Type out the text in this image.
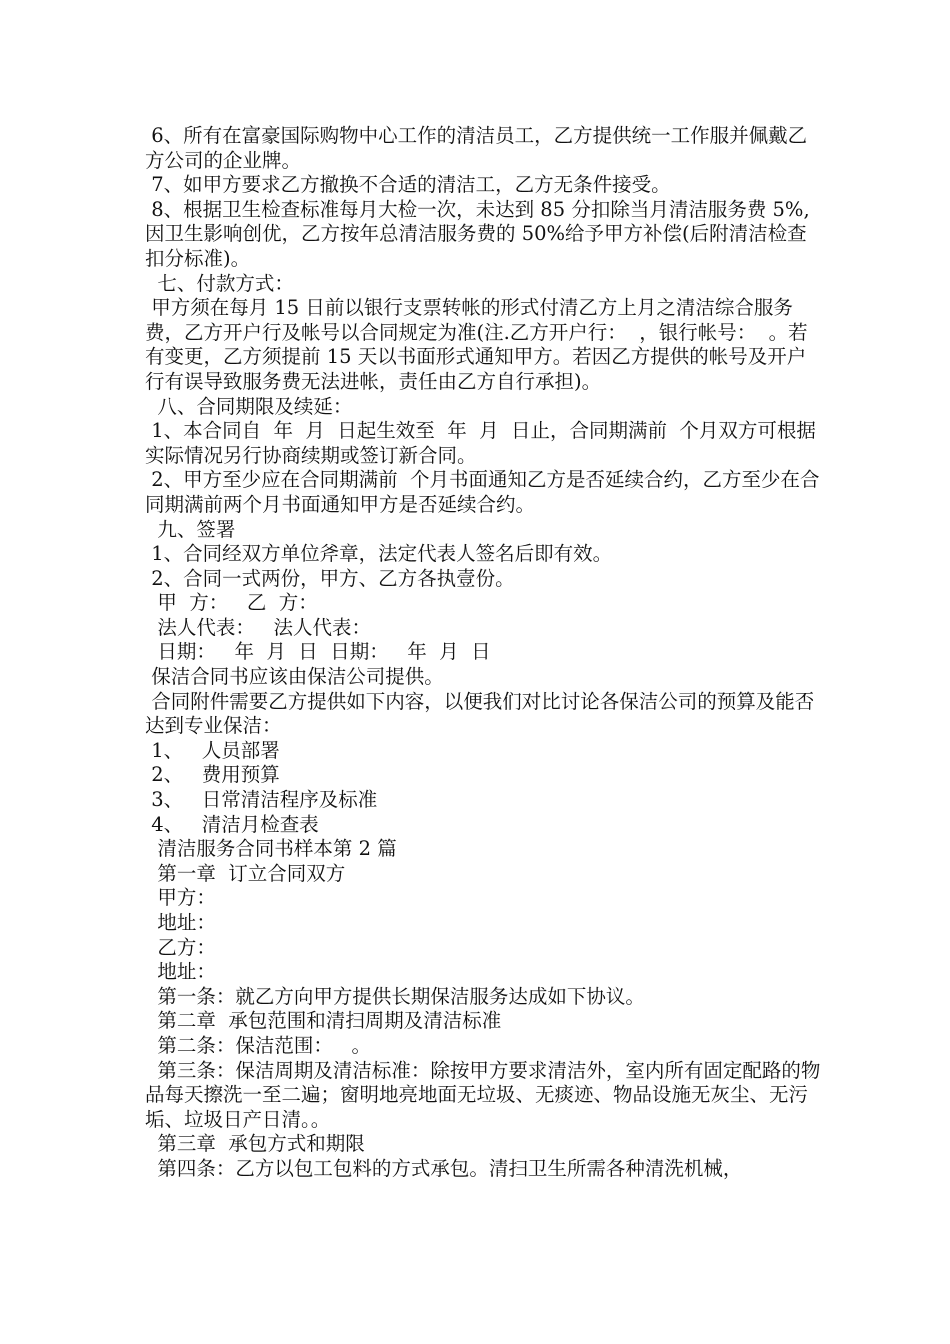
6、所有在富豪国际购物中心工作的清洁员工，乙方提供统一工作服并佩戴乙方公司的企业牌。

7、如甲方要求乙方撤换不合适的清洁工，乙方无条件接受。

8、根据卫生检查标准每月大检一次，未达到 85 分扣除当月清洁服务费 5%,因卫生影响创优，乙方按年总清洁服务费的 50%给予甲方补偿(后附清洁检查扣分标准)。

七、付款方式：

甲方须在每月 15 日前以银行支票转帐的形式付清乙方上月之清洁综合服务费，乙方开户行及帐号以合同规定为准(注.乙方开户行：  ，银行帐号：  。若有变更，乙方须提前 15 天以书面形式通知甲方。若因乙方提供的帐号及开户行有误导致服务费无法进帐，责任由乙方自行承担)。

八、合同期限及续延：

1、本合同自  年  月  日起生效至  年  月  日止，合同期满前  个月双方可根据实际情况另行协商续期或签订新合同。

2、甲方至少应在合同期满前  个月书面通知乙方是否延续合约，乙方至少在合同期满前两个月书面通知甲方是否延续合约。

九、签署

1、合同经双方单位斧章，法定代表人签名后即有效。

2、合同一式两份，甲方、乙方各执壹份。

甲  方：   乙  方：

法人代表：   法人代表：

日期：   年  月  日  日期：   年  月  日

保洁合同书应该由保洁公司提供。

合同附件需要乙方提供如下内容，以便我们对比讨论各保洁公司的预算及能否达到专业保洁：

1、   人员部署

2、   费用预算

3、   日常清洁程序及标准

4、   清洁月检查表

清洁服务合同书样本第 2 篇

第一章  订立合同双方

甲方：

地址：

乙方：

地址：

第一条：就乙方向甲方提供长期保洁服务达成如下协议。

第二章  承包范围和清扫周期及清洁标准

第二条：保洁范围：   。

第三条：保洁周期及清洁标准：除按甲方要求清洁外，室内所有固定配路的物品每天擦洗一至二遍；窗明地亮地面无垃圾、无痰迹、物品设施无灰尘、无污垢、垃圾日产日清。。

第三章  承包方式和期限

第四条：乙方以包工包料的方式承包。清扫卫生所需各种清洗机械，
